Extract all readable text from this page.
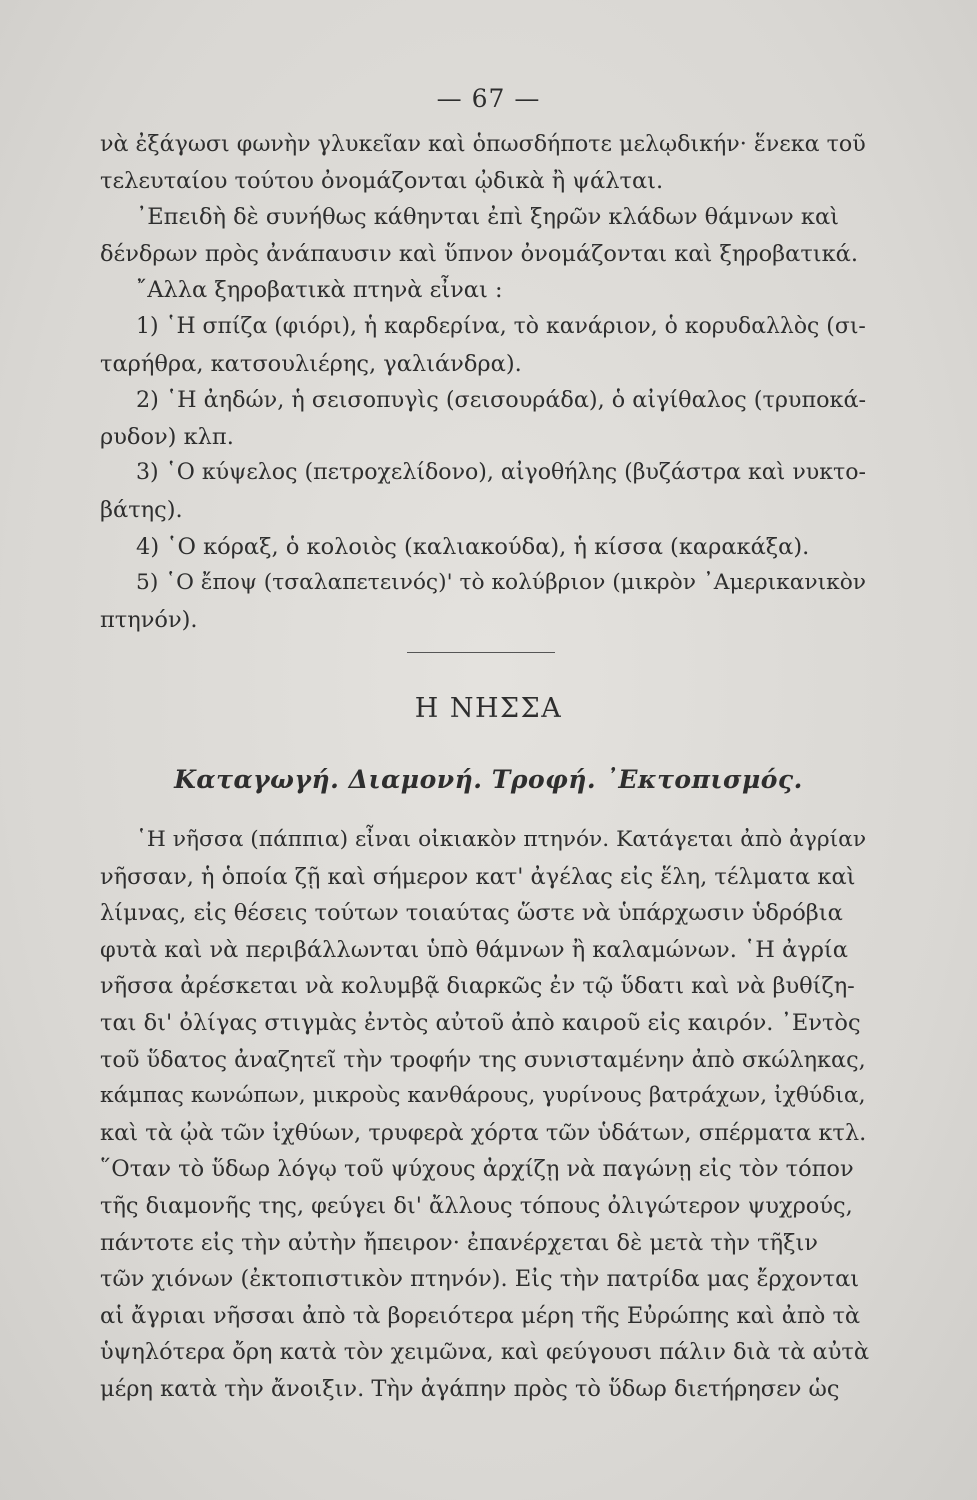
— 67 —
νὰ ἐξάγωσι φωνὴν γλυκεῖαν καὶ ὁπωσδήποτε μελῳδικήν· ἕνεκα τοῦ
τελευταίου τούτου ὀνομάζονται ᾠδικὰ ἢ ψάλται.
᾿Επειδὴ δὲ συνήθως κάθηνται ἐπὶ ξηρῶν κλάδων θάμνων καὶ
δένδρων πρὸς ἀνάπαυσιν καὶ ὕπνον ὀνομάζονται καὶ ξηροβατικά.
῎Αλλα ξηροβατικὰ πτηνὰ εἶναι :
1) ῾Η σπίζα (φιόρι), ἡ καρδερίνα, τὸ κανάριον, ὁ κορυδαλλὸς (σι-
ταρήθρα, κατσουλιέρης, γαλιάνδρα).
2) ῾Η ἀηδών, ἡ σεισοπυγὶς (σεισουράδα), ὁ αἰγίθαλος (τρυποκά-
ρυδον) κλπ.
3) ῾Ο κύψελος (πετροχελίδονο), αἰγοθήλης (βυζάστρα καὶ νυκτο-
βάτης).
4) ῾Ο κόραξ, ὁ κολοιὸς (καλιακούδα), ἡ κίσσα (καρακάξα).
5) ῾Ο ἔποψ (τσαλαπετεινός)' τὸ κολύβριον (μικρὸν ᾿Αμερικανικὸν
πτηνόν).
Η ΝΗΣΣΑ
Καταγωγή. Διαμονή. Τροφή. ᾿Εκτοπισμός.
῾Η νῆσσα (πάππια) εἶναι οἰκιακὸν πτηνόν. Κατάγεται ἀπὸ ἀγρίαν
νῆσσαν, ἡ ὁποία ζῇ καὶ σήμερον κατ' ἀγέλας εἰς ἕλη, τέλματα καὶ
λίμνας, εἰς θέσεις τούτων τοιαύτας ὥστε νὰ ὑπάρχωσιν ὑδρόβια
φυτὰ καὶ νὰ περιβάλλωνται ὑπὸ θάμνων ἢ καλαμώνων. ῾Η ἀγρία
νῆσσα ἀρέσκεται νὰ κολυμβᾷ διαρκῶς ἐν τῷ ὕδατι καὶ νὰ βυθίζη-
ται δι' ὀλίγας στιγμὰς ἐντὸς αὐτοῦ ἀπὸ καιροῦ εἰς καιρόν. ᾿Εντὸς
τοῦ ὕδατος ἀναζητεῖ τὴν τροφήν της συνισταμένην ἀπὸ σκώληκας,
κάμπας κωνώπων, μικροὺς κανθάρους, γυρίνους βατράχων, ἰχθύδια,
καὶ τὰ ᾠὰ τῶν ἰχθύων, τρυφερὰ χόρτα τῶν ὑδάτων, σπέρματα κτλ.
῞Οταν τὸ ὕδωρ λόγῳ τοῦ ψύχους ἀρχίζῃ νὰ παγώνῃ εἰς τὸν τόπον
τῆς διαμονῆς της, φεύγει δι' ἄλλους τόπους ὀλιγώτερον ψυχρούς,
πάντοτε εἰς τὴν αὐτὴν ἤπειρον· ἐπανέρχεται δὲ μετὰ τὴν τῆξιν
τῶν χιόνων (ἐκτοπιστικὸν πτηνόν). Εἰς τὴν πατρίδα μας ἔρχονται
αἱ ἄγριαι νῆσσαι ἀπὸ τὰ βορειότερα μέρη τῆς Εὐρώπης καὶ ἀπὸ τὰ
ὑψηλότερα ὄρη κατὰ τὸν χειμῶνα, καὶ φεύγουσι πάλιν διὰ τὰ αὐτὰ
μέρη κατὰ τὴν ἄνοιξιν. Τὴν ἀγάπην πρὸς τὸ ὕδωρ διετήρησεν ὡς
